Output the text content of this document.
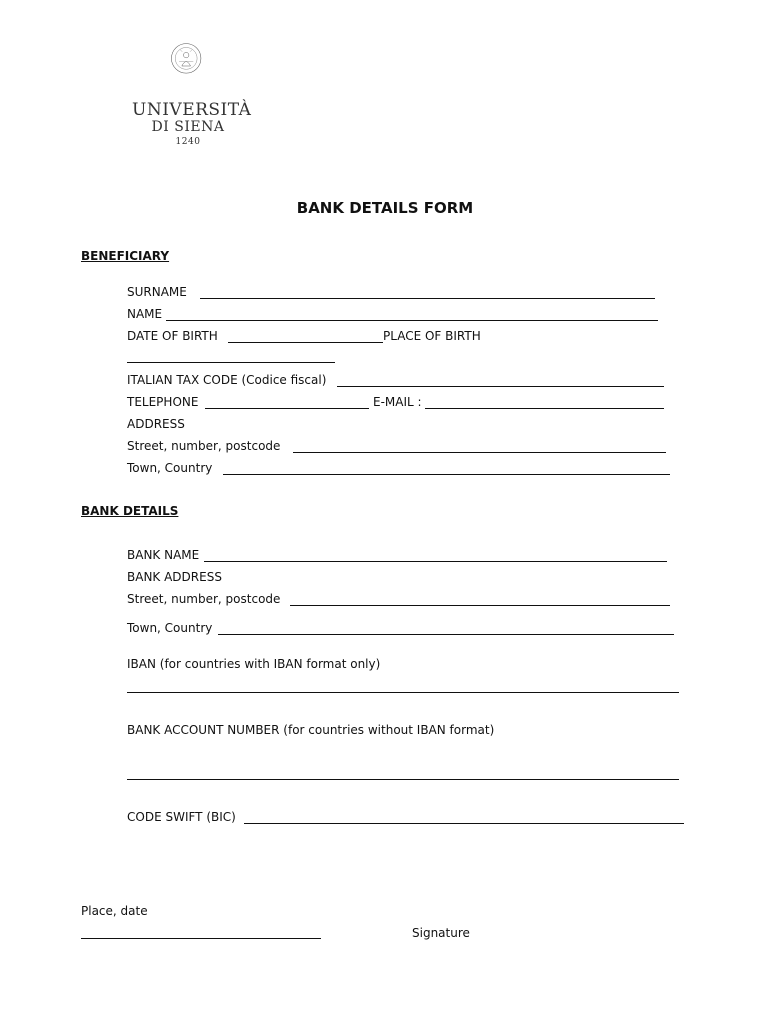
UNIVERSITÀ
DI SIENA
1240
BANK DETAILS FORM
BENEFICIARY
SURNAME
NAME
DATE OF BIRTH	PLACE OF BIRTH
ITALIAN TAX CODE (Codice fiscal)
TELEPHONE	E-MAIL :
ADDRESS
Street, number, postcode
Town, Country
BANK DETAILS
BANK NAME
BANK ADDRESS
Street, number, postcode
Town, Country
IBAN (for countries with IBAN format only)
BANK ACCOUNT NUMBER (for countries without IBAN format)
CODE SWIFT (BIC)
Place, date
Signature
